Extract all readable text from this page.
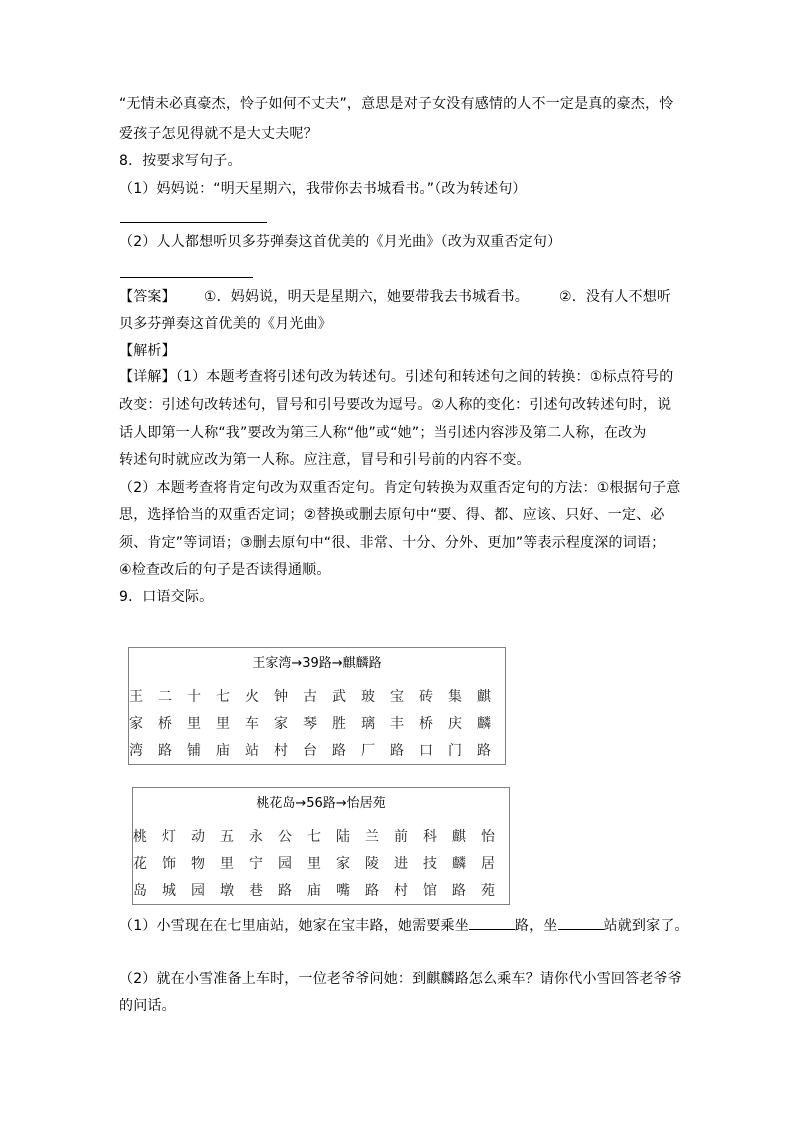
“无情未必真豪杰，怜子如何不丈夫”，意思是对子女没有感情的人不一定是真的豪杰，怜
爱孩子怎见得就不是大丈夫呢？
8．按要求写句子。
（1）妈妈说：“明天星期六，我带你去书城看书。”（改为转述句）
（2）人人都想听贝多芬弹奏这首优美的《月光曲》（改为双重否定句）
【答案】 ①．妈妈说，明天是星期六，她要带我去书城看书。 ②．没有人不想听
贝多芬弹奏这首优美的《月光曲》
【解析】
【详解】（1）本题考查将引述句改为转述句。引述句和转述句之间的转换：①标点符号的
改变：引述句改转述句，冒号和引号要改为逗号。②人称的变化：引述句改转述句时，说
话人即第一人称“我”要改为第三人称“他”或“她”；当引述内容涉及第二人称，在改为
转述句时就应改为第一人称。应注意，冒号和引号前的内容不变。
（2）本题考查将肯定句改为双重否定句。肯定句转换为双重否定句的方法：①根据句子意
思，选择恰当的双重否定词；②替换或删去原句中“要、得、都、应该、只好、一定、必
须、肯定”等词语；③删去原句中“很、非常、十分、分外、更加”等表示程度深的词语；
④检查改后的句子是否读得通顺。
9．口语交际。
王家湾→39路→麒麟路
王	二	十	七	火	钟	古	武	玻	宝	砖	集	麒
家	桥	里	里	车	家	琴	胜	璃	丰	桥	庆	麟
湾	路	铺	庙	站	村	台	路	厂	路	口	门	路
桃花岛→56路→怡居苑
桃	灯	动	五	永	公	七	陆	兰	前	科	麒	怡
花	饰	物	里	宁	园	里	家	陵	进	技	麟	居
岛	城	园	墩	巷	路	庙	嘴	路	村	馆	路	苑
（1）小雪现在在七里庙站，她家在宝丰路，她需要乘坐	路，坐	站就到家了。
（2）就在小雪准备上车时，一位老爷爷问她：到麒麟路怎么乘车？请你代小雪回答老爷爷
的问话。
